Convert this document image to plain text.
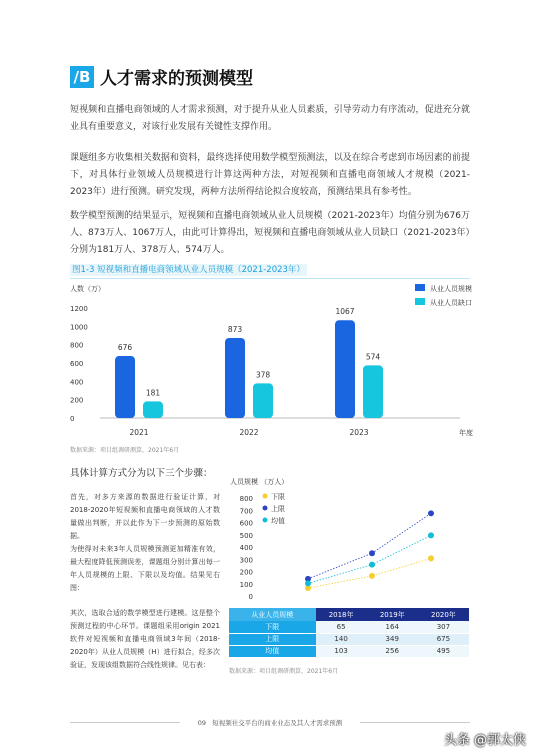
/B 人才需求的预测模型
短视频和直播电商领域的人才需求预测，对于提升从业人员素质，引导劳动力有序流动，促进充分就业具有重要意义，对该行业发展有关键性支撑作用。
课题组多方收集相关数据和资料，最终选择使用数学模型预测法，以及在综合考虑到市场因素的前提下，对具体行业领域人员规模进行计算这两种方法，对短视频和直播电商领域人才规模（2021-2023年）进行预测。研究发现，两种方法所得结论拟合度较高，预测结果具有参考性。
数学模型预测的结果显示，短视频和直播电商领域从业人员规模（2021-2023年）均值分别为676万人、873万人、1067万人，由此可计算得出，短视频和直播电商领域从业人员缺口（2021-2023年）分别为181万人、378万人、574万人。
图1-3 短视频和直播电商领域从业人员规模（2021-2023年）
人数（万）
0
200
400
600
800
1000
1200
年度
676
181
2021
873
378
2022
1067
574
2023
从业人员规模
从业人员缺口
数据来源：项目组调研测算，2021年6月
具体计算方式分为以下三个步骤：
首先，对多方来源的数据进行验证计算，对2018-2020年短视频和直播电商领域的人才数量做出判断，并以此作为下一步预测的原始数据。
为使得对未来3年人员规模预测更加精准有效，最大程度降低预测误差，课题组分别计算出每一年人员规模的上限、下限以及均值。结果见右图：
其次，选取合适的数学模型进行建模。这是整个预测过程的中心环节。课题组采用origin 2021软件对短视频和直播电商领域3年间（2018-2020年）从业人员规模（H）进行拟合，经多次验证，发现该组数据符合线性规律。见右表：
人员规模 （万人）
0
100
200
300
400
500
600
700
800	下限
上限
均值
从业人员规模	2018年	2019年	2020年
下限	65	164	307
上限	140	349	675
均值	103	256	495
数据来源：项目组调研测算，2021年6月
09 短视频社交平台的商业业态及其人才需求预测
头条 @郭太侠
